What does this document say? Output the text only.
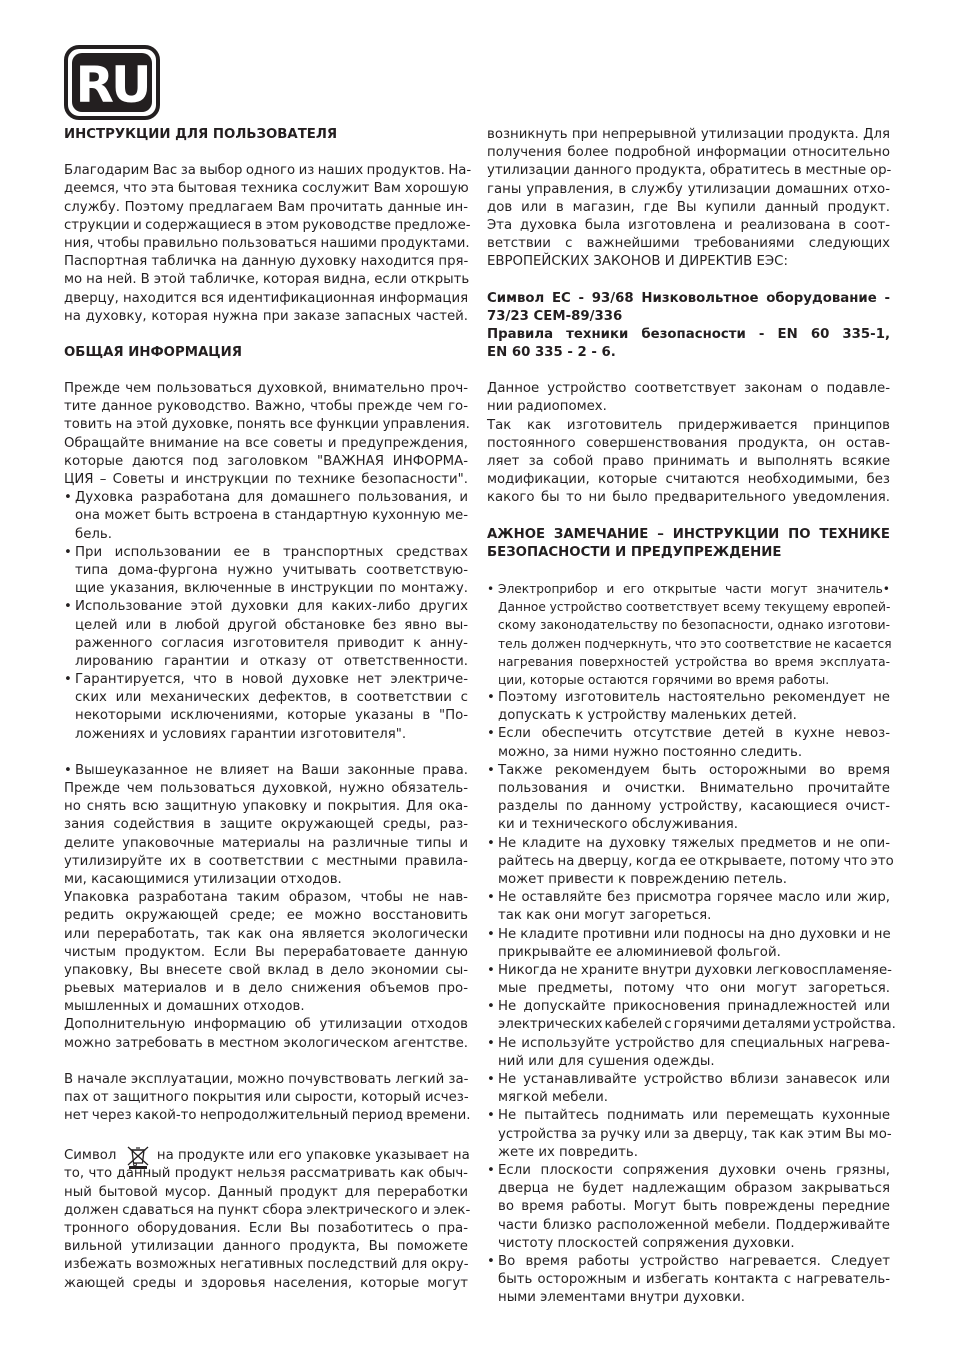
RU
ИНСТРУКЦИИ ДЛЯ ПОЛЬЗОВАТЕЛЯ
Благодарим Вас за выбор одного из наших продуктов. На-
деемся, что эта бытовая техника сослужит Вам хорошую
службу. Поэтому предлагаем Вам прочитать данные ин-
струкции и содержащиеся в этом руководстве предложе-
ния, чтобы правильно пользоваться нашими продуктами.
Паспортная табличка на данную духовку находится пря-
мо на ней. В этой табличке, которая видна, если открыть
дверцу, находится вся идентификационная информация
на духовку, которая нужна при заказе запасных частей.
ОБЩАЯ ИНФОРМАЦИЯ
Прежде чем пользоваться духовкой, внимательно проч-
тите данное руководство. Важно, чтобы прежде чем го-
товить на этой духовке, понять все функции управления.
Обращайте внимание на все советы и предупреждения,
которые даются под заголовком "ВАЖНАЯ ИНФОРМА-
ЦИЯ – Советы и инструкции по технике безопасности".
• Духовка разработана для домашнего пользования, и
она может быть встроена в стандартную кухонную ме-
бель.
• При использовании ее в транспортных средствах
типа дома-фургона нужно учитывать соответствую-
щие указания, включенные в инструкции по монтажу.
• Использование этой духовки для каких-либо других
целей или в любой другой обстановке без явно вы-
раженного согласия изготовителя приводит к анну-
лированию гарантии и отказу от ответственности.
• Гарантируется, что в новой духовке нет электриче-
ских или механических дефектов, в соответствии с
некоторыми исключениями, которые указаны в "По-
ложениях и условиях гарантии изготовителя".
• Вышеуказанное не влияет на Ваши законные права.
Прежде чем пользоваться духовкой, нужно обязатель-
но снять всю защитную упаковку и покрытия. Для ока-
зания содействия в защите окружающей среды, раз-
делите упаковочные материалы на различные типы и
утилизируйте их в соответствии с местными правила-
ми, касающимися утилизации отходов.
Упаковка разработана таким образом, чтобы не нав-
редить окружающей среде; ее можно восстановить
или переработать, так как она является экологически
чистым продуктом. Если Вы перерабатоваете данную
упаковку, Вы внесете свой вклад в дело экономии сы-
рьевых материалов и в дело снижения объемов про-
мышленных и домашних отходов.
Дополнительную информацию об утилизации отходов
можно затребовать в местном экологическом агентстве.
В начале эксплуатации, можно почувствовать легкий за-
пах от защитного покрытия или сырости, который исчез-
нет через какой-то непродолжительный период времени.
Символ	на продукте или его упаковке указывает на
то, что данный продукт нельзя рассматривать как обыч-
ный бытовой мусор. Данный продукт для переработки
должен сдаваться на пункт сбора электрического и элек-
тронного оборудования. Если Вы позаботитесь о пра-
вильной утилизации данного продукта, Вы поможете
избежать возможных негативных последствий для окру-
жающей среды и здоровья населения, которые могут
возникнуть при непрерывной утилизации продукта. Для
получения более подробной информации относительно
утилизации данного продукта, обратитесь в местные ор-
ганы управления, в службу утилизации домашних отхо-
дов или в магазин, где Вы купили данный продукт.
Эта духовка была изготовлена и реализована в соот-
ветствии с важнейшими требованиями следующих
ЕВРОПЕЙСКИХ ЗАКОНОВ И ДИРЕКТИВ ЕЭС:
Символ ЕС - 93/68 Низковольтное оборудование -
73/23 CEM-89/336
Правила техники безопасности - EN 60 335-1,
EN 60 335 - 2 - 6.
Данное устройство соответствует законам о подавле-
нии радиопомех.
Так как изготовитель придерживается принципов
постоянного совершенствования продукта, он остав-
ляет за собой право принимать и выполнять всякие
модификации, которые считаются необходимыми, без
какого бы то ни было предварительного уведомления.
АЖНОЕ ЗАМЕЧАНИЕ – ИНСТРУКЦИИ ПО ТЕХНИКЕ
БЕЗОПАСНОСТИ И ПРЕДУПРЕЖДЕНИЕ
• Электроприбор и его открытые части могут значитель•
Данное устройство соответствует всему текущему европей-
скому законодательству по безопасности, однако изготови-
тель должен подчеркнуть, что это соответствие не касается
нагревания поверхностей устройства во время эксплуата-
ции, которые остаются горячими во время работы.
• Поэтому изготовитель настоятельно рекомендует не
допускать к устройству маленьких детей.
• Если обеспечить отсутствие детей в кухне невоз-
можно, за ними нужно постоянно следить.
• Также рекомендуем быть осторожными во время
пользования и очистки. Внимательно прочитайте
разделы по данному устройству, касающиеся очист-
ки и технического обслуживания.
• Не кладите на духовку тяжелых предметов и не опи-
райтесь на дверцу, когда ее открываете, потому что это
может привести к повреждению петель.
• Не оставляйте без присмотра горячее масло или жир,
так как они могут загореться.
• Не кладите противни или подносы на дно духовки и не
прикрывайте ее алюминиевой фольгой.
• Никогда не храните внутри духовки легковоспламеняе-
мые предметы, потому что они могут загореться.
• Не допускайте прикосновения принадлежностей или
электрических кабелей с горячими деталями устройства.
• Не используйте устройство для специальных нагрева-
ний или для сушения одежды.
• Не устанавливайте устройство вблизи занавесок или
мягкой мебели.
• Не пытайтесь поднимать или перемещать кухонные
устройства за ручку или за дверцу, так как этим Вы мо-
жете их повредить.
• Если плоскости сопряжения духовки очень грязны,
дверца не будет надлежащим образом закрываться
во время работы. Могут быть повреждены передние
части близко расположенной мебели. Поддерживайте
чистоту плоскостей сопряжения духовки.
• Во время работы устройство нагревается. Следует
быть осторожным и избегать контакта с нагреватель-
ными элементами внутри духовки.
